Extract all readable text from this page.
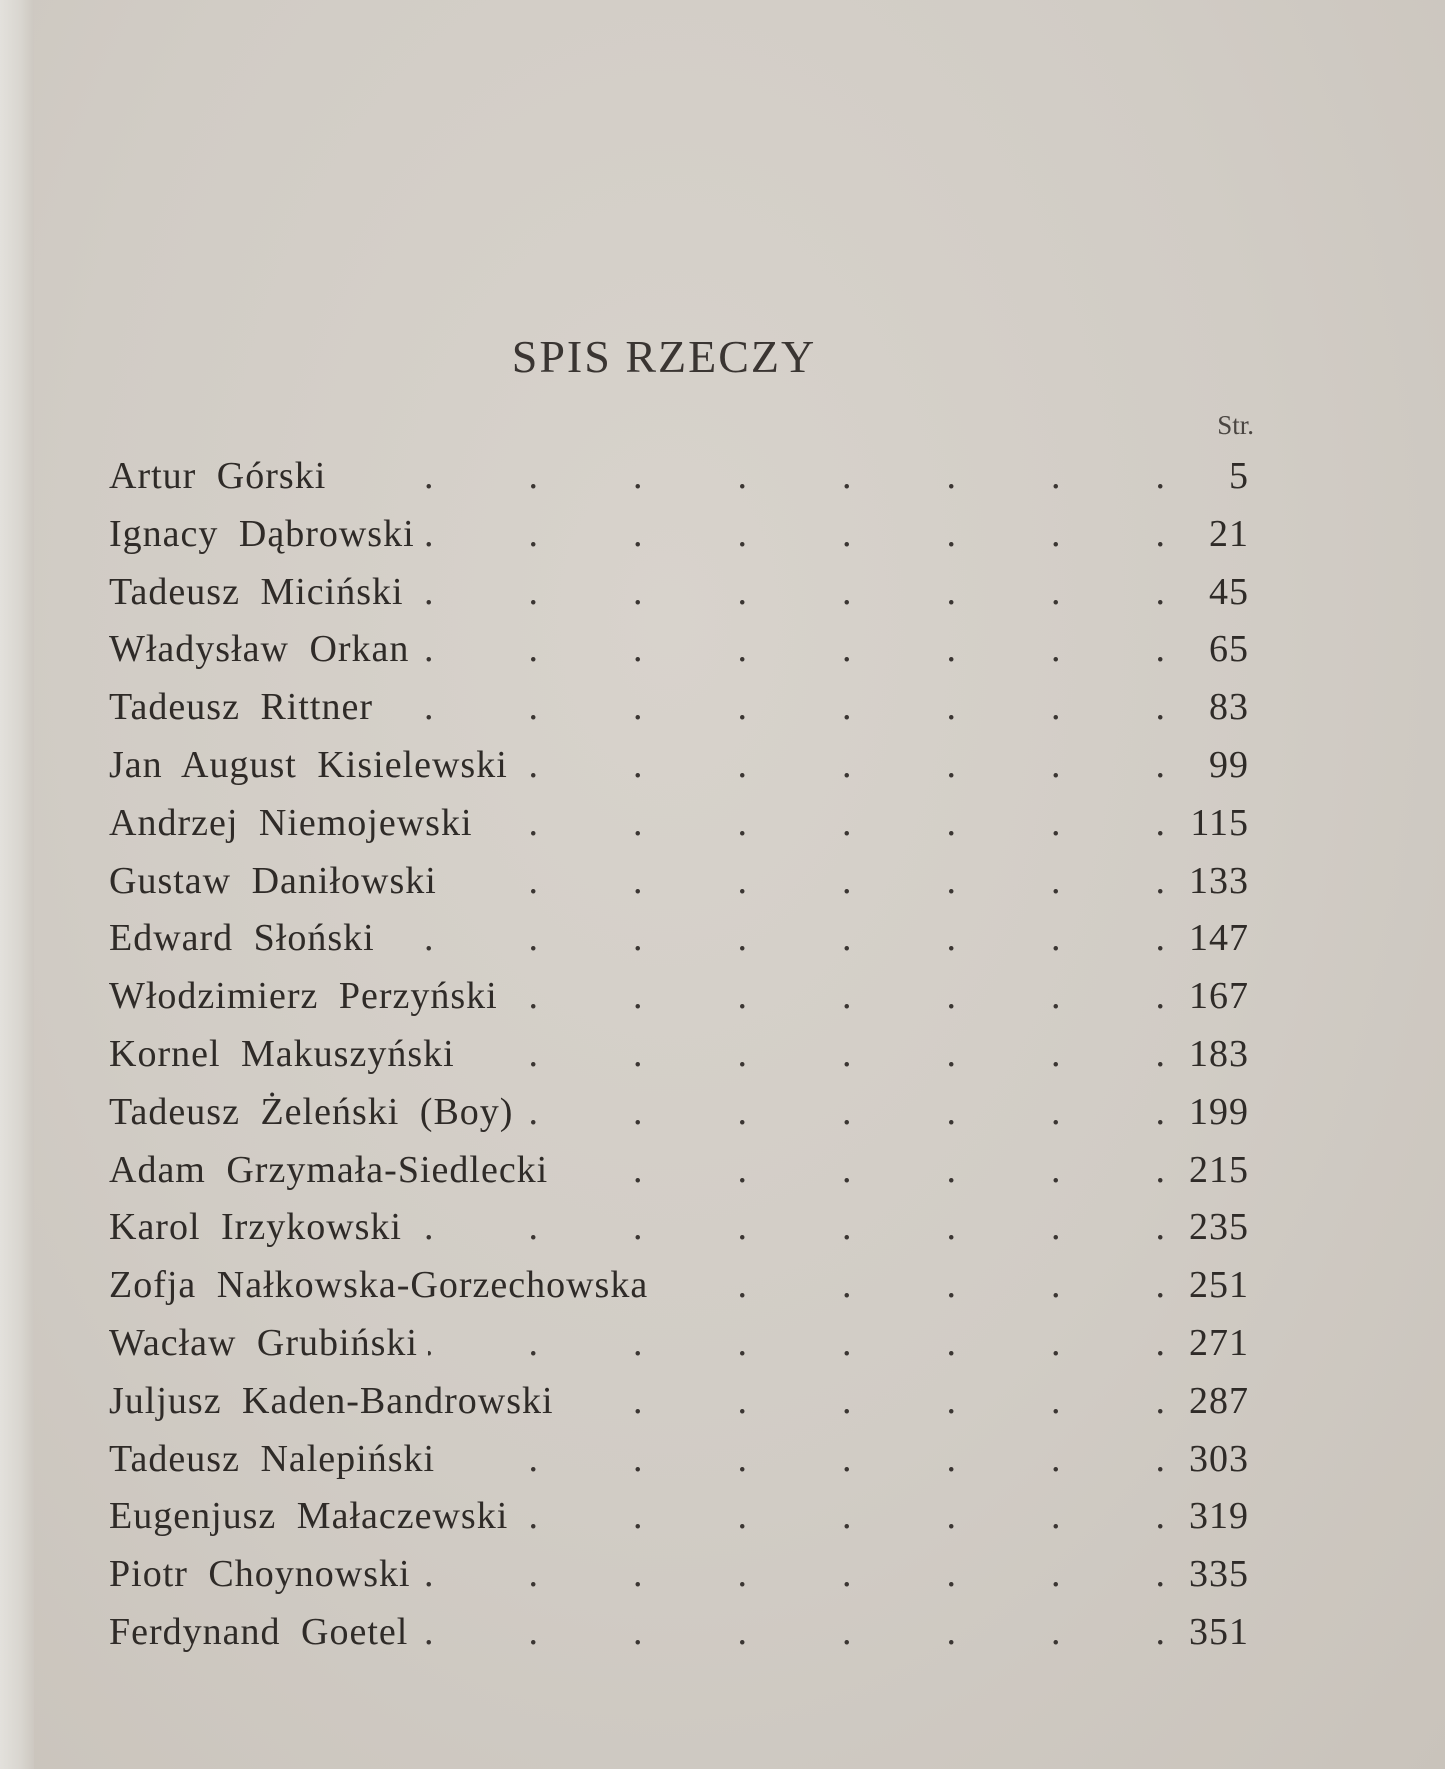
SPIS RZECZY
Str.
Artur Górski .	5
Ignacy Dąbrowski .	21
Tadeusz Miciński .	45
Władysław Orkan .	65
Tadeusz Rittner .	83
Jan August Kisielewski .	99
Andrzej Niemojewski .	115
Gustaw Daniłowski .	133
Edward Słoński .	147
Włodzimierz Perzyński .	167
Kornel Makuszyński .	183
Tadeusz Żeleński (Boy) .	199
Adam Grzymała-Siedlecki .	215
Karol Irzykowski .	235
Zofja Nałkowska-Gorzechowska .	251
Wacław Grubiński .	271
Juljusz Kaden-Bandrowski .	287
Tadeusz Nalepiński .	303
Eugenjusz Małaczewski .	319
Piotr Choynowski .	335
Ferdynand Goetel .	351
